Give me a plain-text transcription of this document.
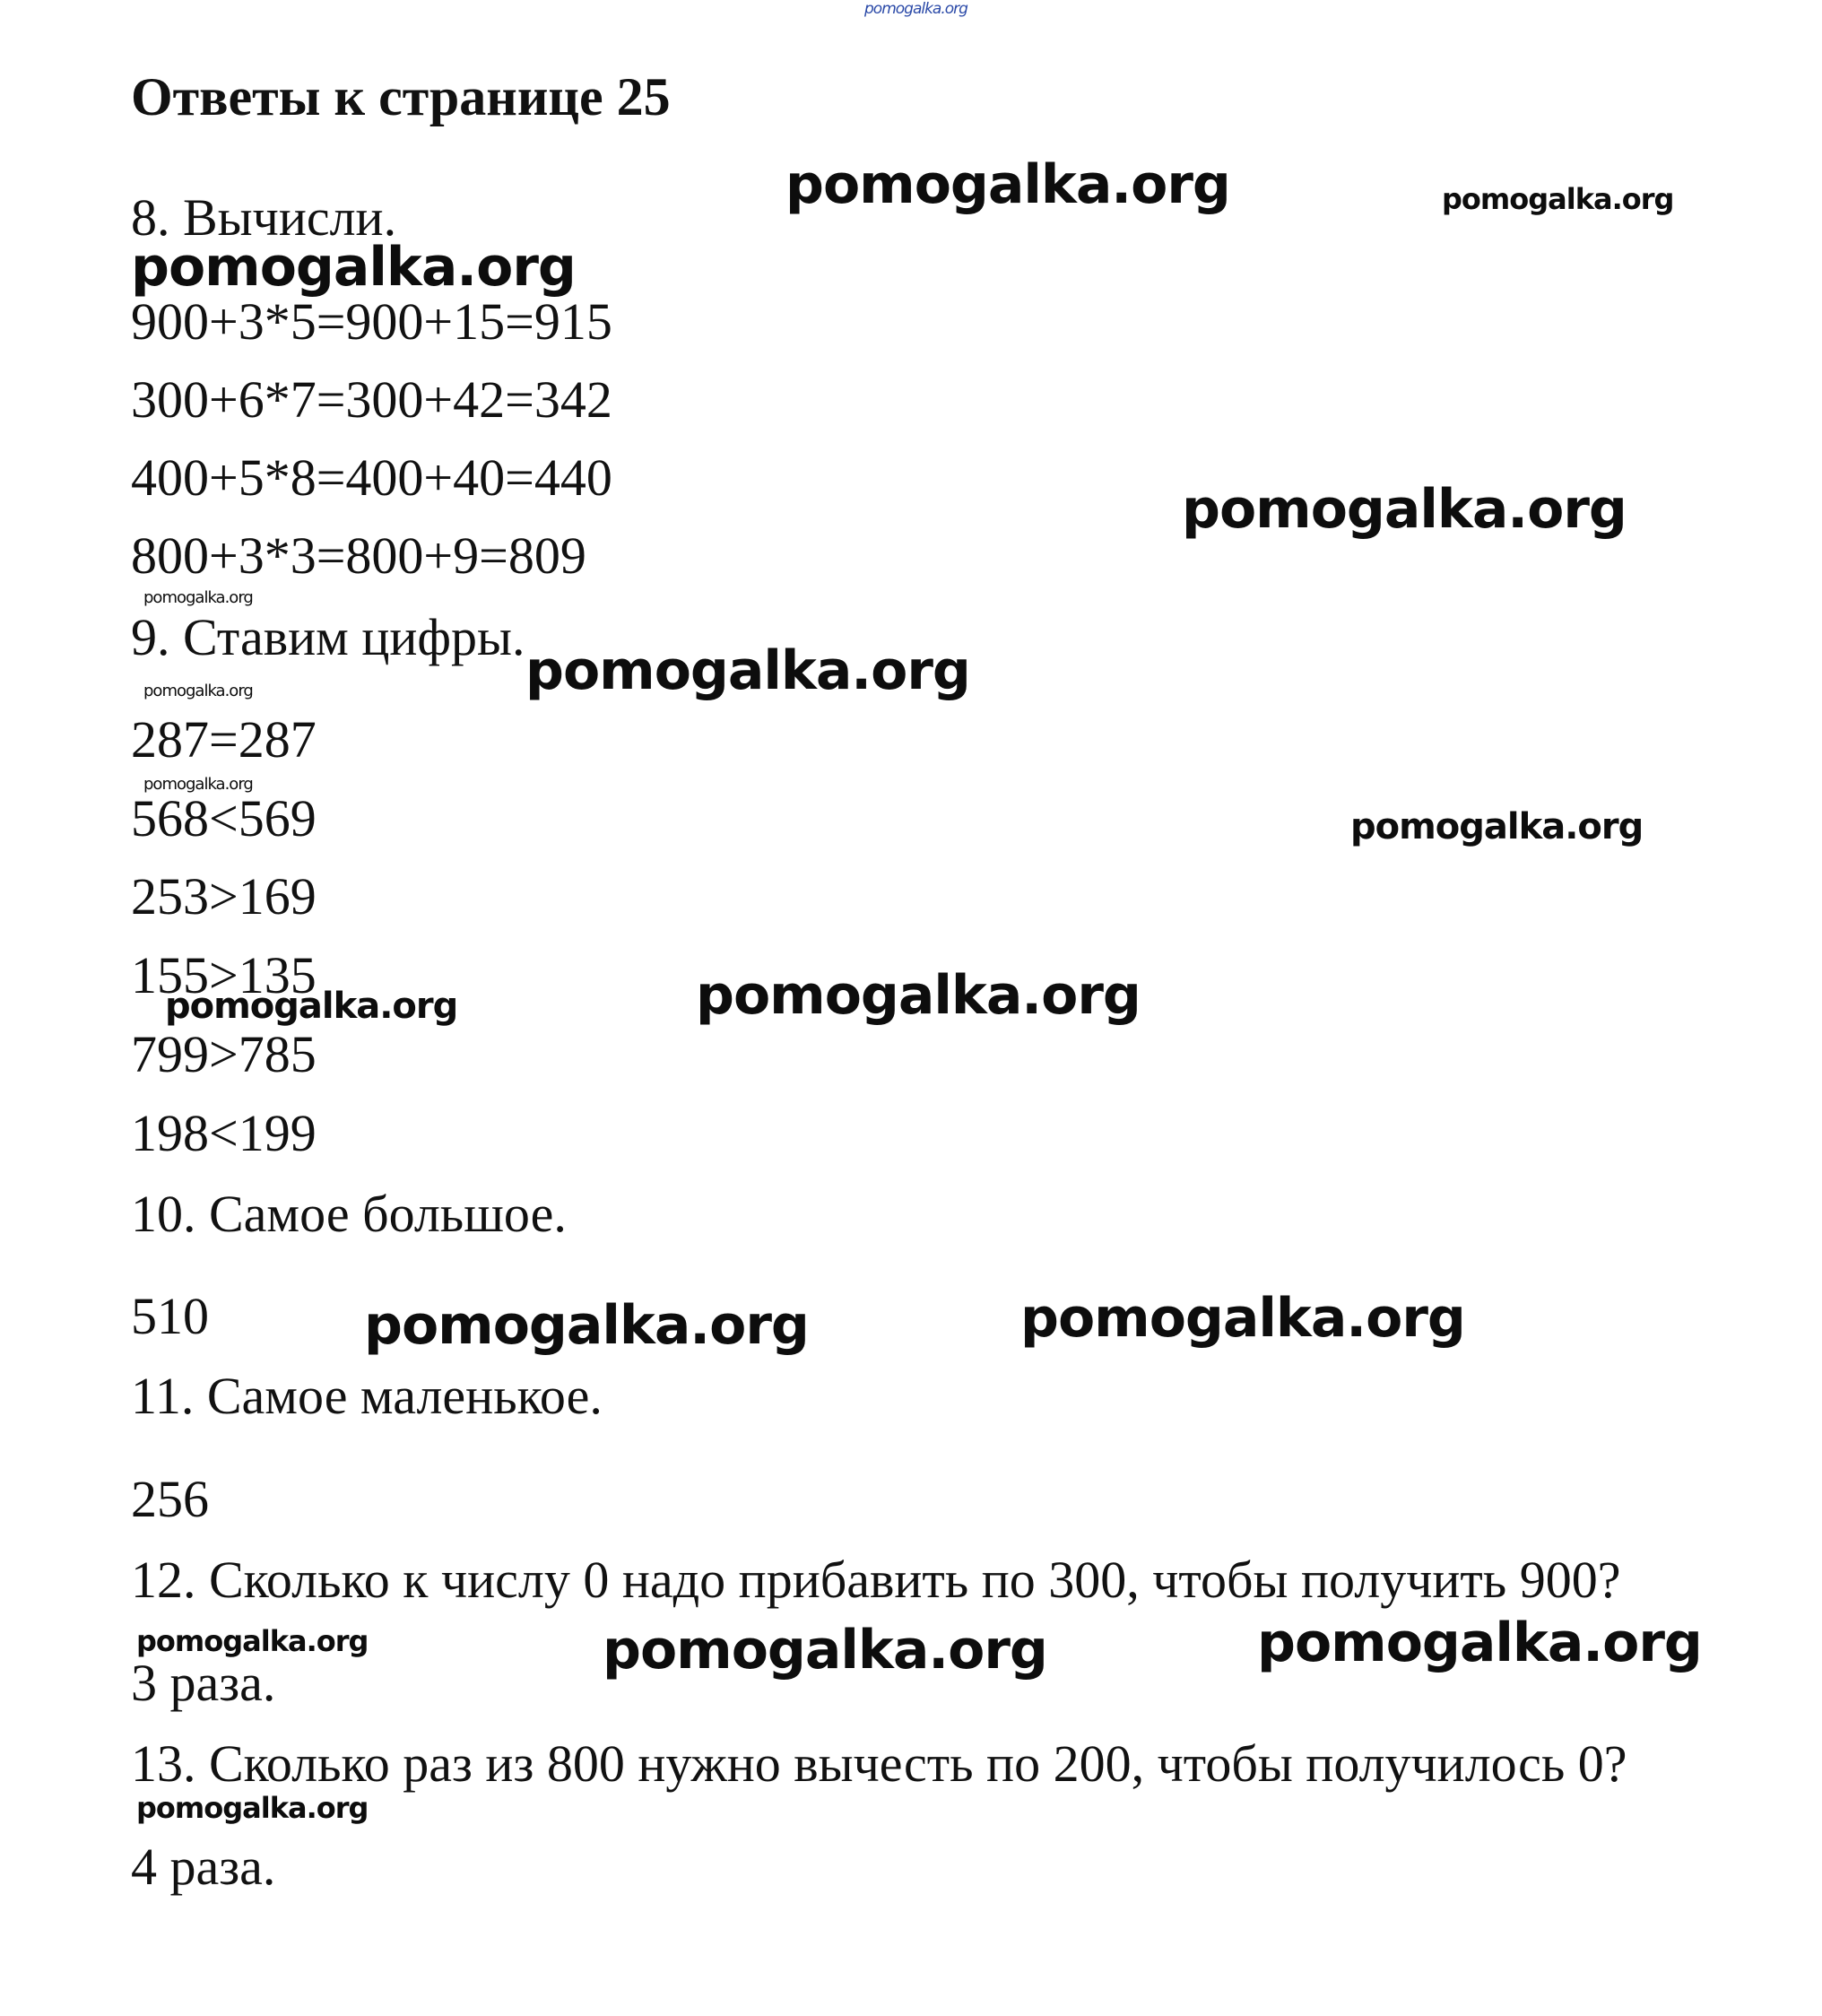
pomogalka.org
Ответы к странице 25
8. Вычисли.
900+3*5=900+15=915
300+6*7=300+42=342
400+5*8=400+40=440
800+3*3=800+9=809
9. Ставим цифры.
287=287
568<569
253>169
155>135
799>785
198<199
10. Самое большое.
510
11. Самое маленькое.
256
12. Сколько к числу 0 надо прибавить по 300, чтобы получить 900?
3 раза.
13. Сколько раз из 800 нужно вычесть по 200, чтобы получилось 0?
4 раза.
pomogalka.org	pomogalka.org
pomogalka.org
pomogalka.org
pomogalka.org
pomogalka.org
pomogalka.org
pomogalka.org
pomogalka.org
pomogalka.org
pomogalka.org
pomogalka.org	pomogalka.org
pomogalka.org	pomogalka.org	pomogalka.org
pomogalka.org
